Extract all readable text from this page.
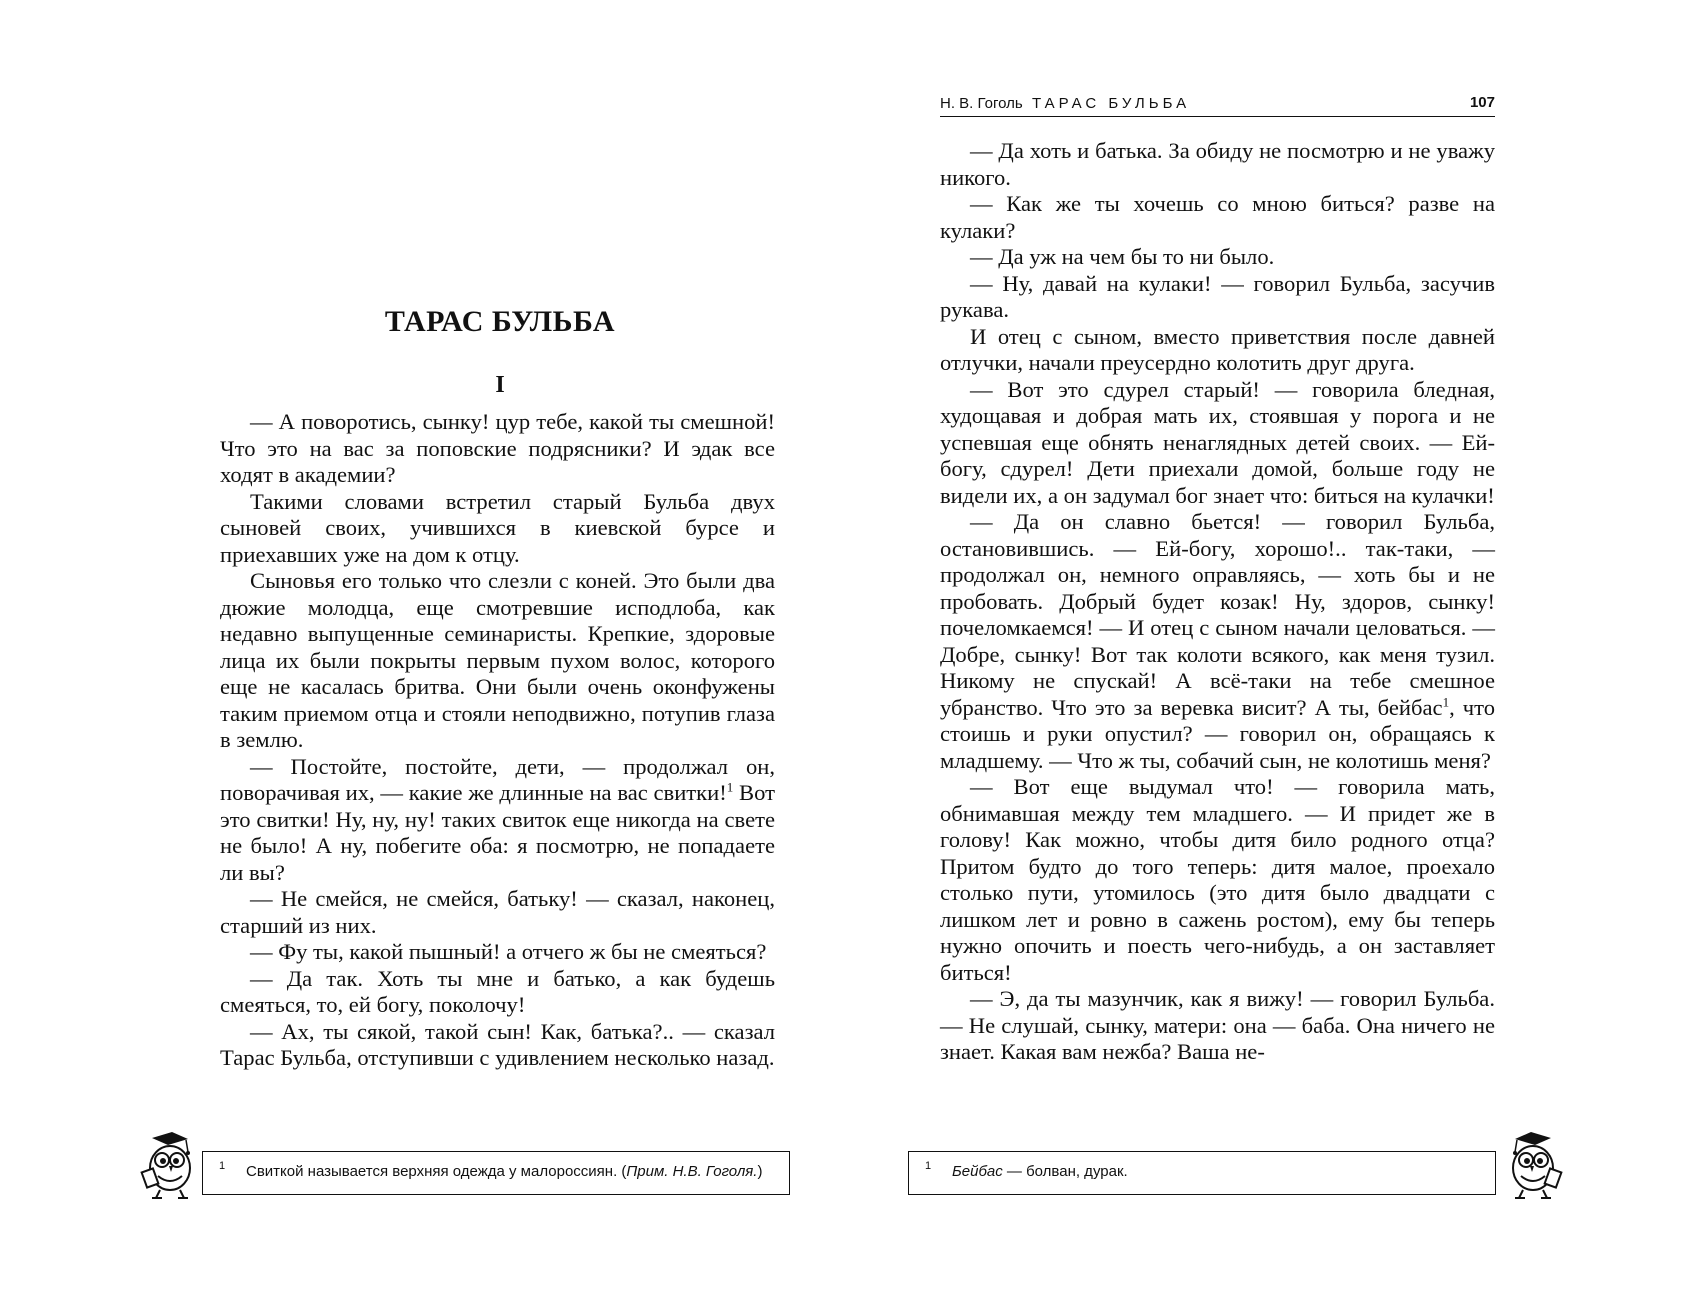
ТАРАС БУЛЬБА
I

— А поворотись, сынку! цур тебе, какой ты смешной! Что это на вас за поповские подрясники? И эдак все ходят в академии?

Такими словами встретил старый Бульба двух сыновей своих, учившихся в киевской бурсе и приехавших уже на дом к отцу.

Сыновья его только что слезли с коней. Это были два дюжие молодца, еще смотревшие исподлоба, как недавно выпущенные семинаристы. Крепкие, здоровые лица их были покрыты первым пухом волос, которого еще не касалась бритва. Они были очень оконфужены таким приемом отца и стояли неподвижно, потупив глаза в землю.

— Постойте, постойте, дети, — продолжал он, поворачивая их, — какие же длинные на вас свитки!$^1$ Вот это свитки! Ну, ну, ну! таких свиток еще никогда на свете не было! А ну, побегите оба: я посмотрю, не попадаете ли вы?

— Не смейся, не смейся, батьку! — сказал, наконец, старший из них.

— Фу ты, какой пышный! а отчего ж бы не смеяться?

— Да так. Хоть ты мне и батько, а как будешь смеяться, то, ей богу, поколочу!

— Ах, ты сякой, такой сын! Как, батька?.. — сказал Тарас Бульба, отступивши с удивлением несколько назад.

1 Свиткой называется верхняя одежда у малороссиян. (Прим. Н.В. Гоголя.)
Н. В. Гоголь ТАРАС БУЛЬБА	107

— Да хоть и батька. За обиду не посмотрю и не уважу никого.

— Как же ты хочешь со мною биться? разве на кулаки?

— Да уж на чем бы то ни было.

— Ну, давай на кулаки! — говорил Бульба, засучив рукава.

И отец с сыном, вместо приветствия после давней отлучки, начали преусердно колотить друг друга.

— Вот это сдурел старый! — говорила бледная, худощавая и добрая мать их, стоявшая у порога и не успевшая еще обнять ненаглядных детей своих. — Ей-богу, сдурел! Дети приехали домой, больше году не видели их, а он задумал бог знает что: биться на кулачки!

— Да он славно бьется! — говорил Бульба, остановившись. — Ей-богу, хорошо!.. так-таки, — продолжал он, немного оправляясь, — хоть бы и не пробовать. Добрый будет козак! Ну, здоров, сынку! почеломкаемся! — И отец с сыном начали целоваться. — Добре, сынку! Вот так колоти всякого, как меня тузил. Никому не спускай! А всё-таки на тебе смешное убранство. Что это за веревка висит? А ты, бейбас$^1$, что стоишь и руки опустил? — говорил он, обращаясь к младшему. — Что ж ты, собачий сын, не колотишь меня?

— Вот еще выдумал что! — говорила мать, обнимавшая между тем младшего. — И придет же в голову! Как можно, чтобы дитя било родного отца? Притом будто до того теперь: дитя малое, проехало столько пути, утомилось (это дитя было двадцати с лишком лет и ровно в сажень ростом), ему бы теперь нужно опочить и поесть чего-нибудь, а он заставляет биться!

— Э, да ты мазунчик, как я вижу! — говорил Бульба. — Не слушай, сынку, матери: она — баба. Она ничего не знает. Какая вам нежба? Ваша не-

1 Бейбас — болван, дурак.
